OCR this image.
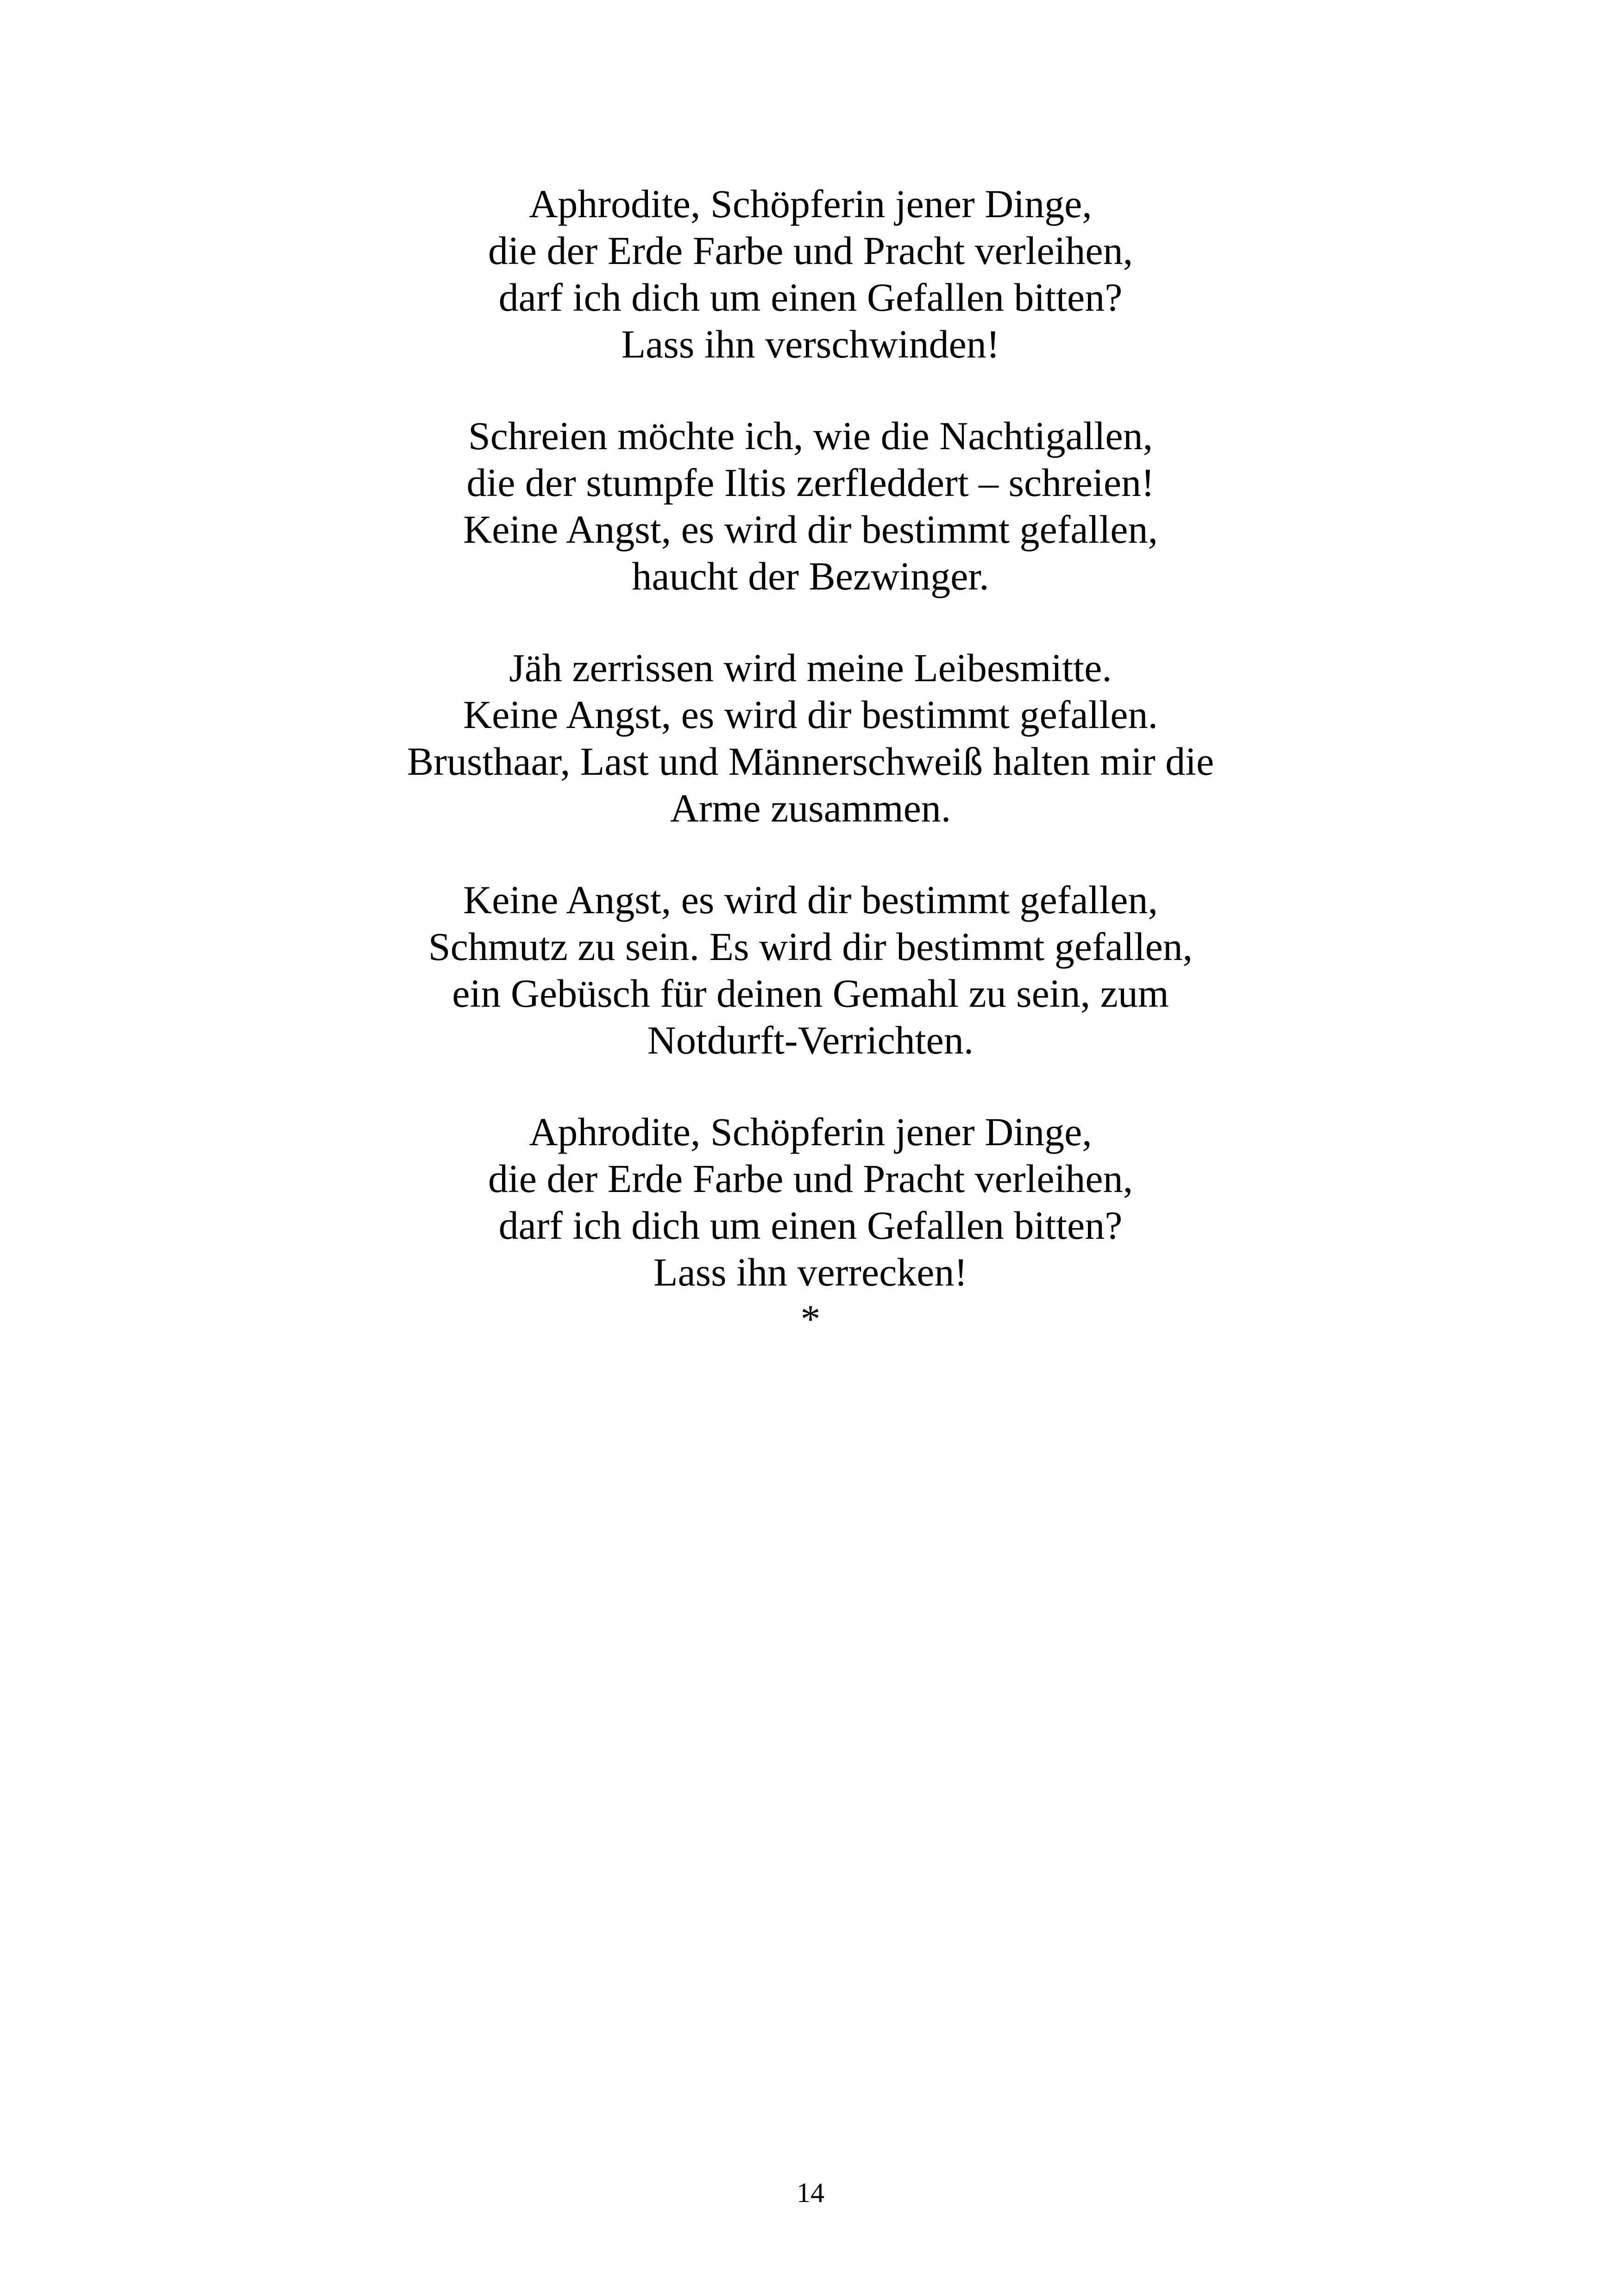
Aphrodite, Schöpferin jener Dinge,
die der Erde Farbe und Pracht verleihen,
darf ich dich um einen Gefallen bitten?
Lass ihn verschwinden!
Schreien möchte ich, wie die Nachtigallen,
die der stumpfe Iltis zerfleddert – schreien!
Keine Angst, es wird dir bestimmt gefallen,
haucht der Bezwinger.
Jäh zerrissen wird meine Leibesmitte.
Keine Angst, es wird dir bestimmt gefallen.
Brusthaar, Last und Männerschweiß halten mir die
Arme zusammen.
Keine Angst, es wird dir bestimmt gefallen,
Schmutz zu sein. Es wird dir bestimmt gefallen,
ein Gebüsch für deinen Gemahl zu sein, zum
Notdurft-Verrichten.
Aphrodite, Schöpferin jener Dinge,
die der Erde Farbe und Pracht verleihen,
darf ich dich um einen Gefallen bitten?
Lass ihn verrecken!
*
14
